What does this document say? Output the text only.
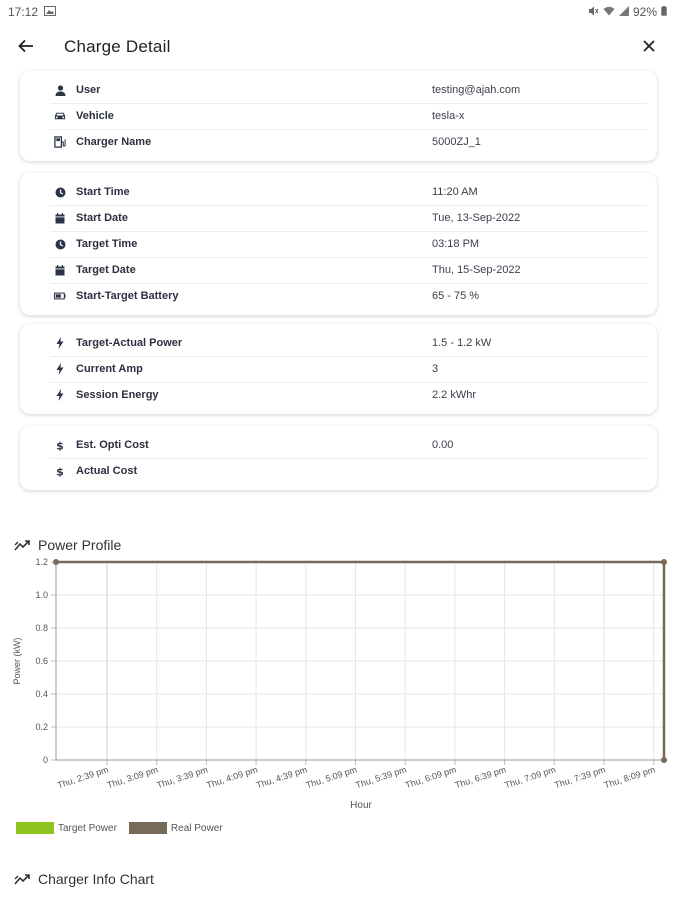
17:12	92%
Charge Detail
User	testing@ajah.com
Vehicle	tesla-x
Charger Name	5000ZJ_1
Start Time	11:20 AM
Start Date	Tue, 13-Sep-2022
Target Time	03:18 PM
Target Date	Thu, 15-Sep-2022
Start-Target Battery	65 - 75 %
Target-Actual Power	1.5 - 1.2 kW
Current Amp	3
Session Energy	2.2 kWhr
$ Est. Opti Cost	0.00
$ Actual Cost
Power Profile
0
0.2
0.4
0.6
0.8
1.0
1.2
Thu, 2:39 pm
Thu, 3:09 pm
Thu, 3:39 pm
Thu, 4:09 pm
Thu, 4:39 pm
Thu, 5:09 pm
Thu, 5:39 pm
Thu, 6:09 pm
Thu, 6:39 pm
Thu, 7:09 pm
Thu, 7:39 pm
Thu, 8:09 pm
Power (kW)
Hour
Target Power	Real Power
Charger Info Chart
